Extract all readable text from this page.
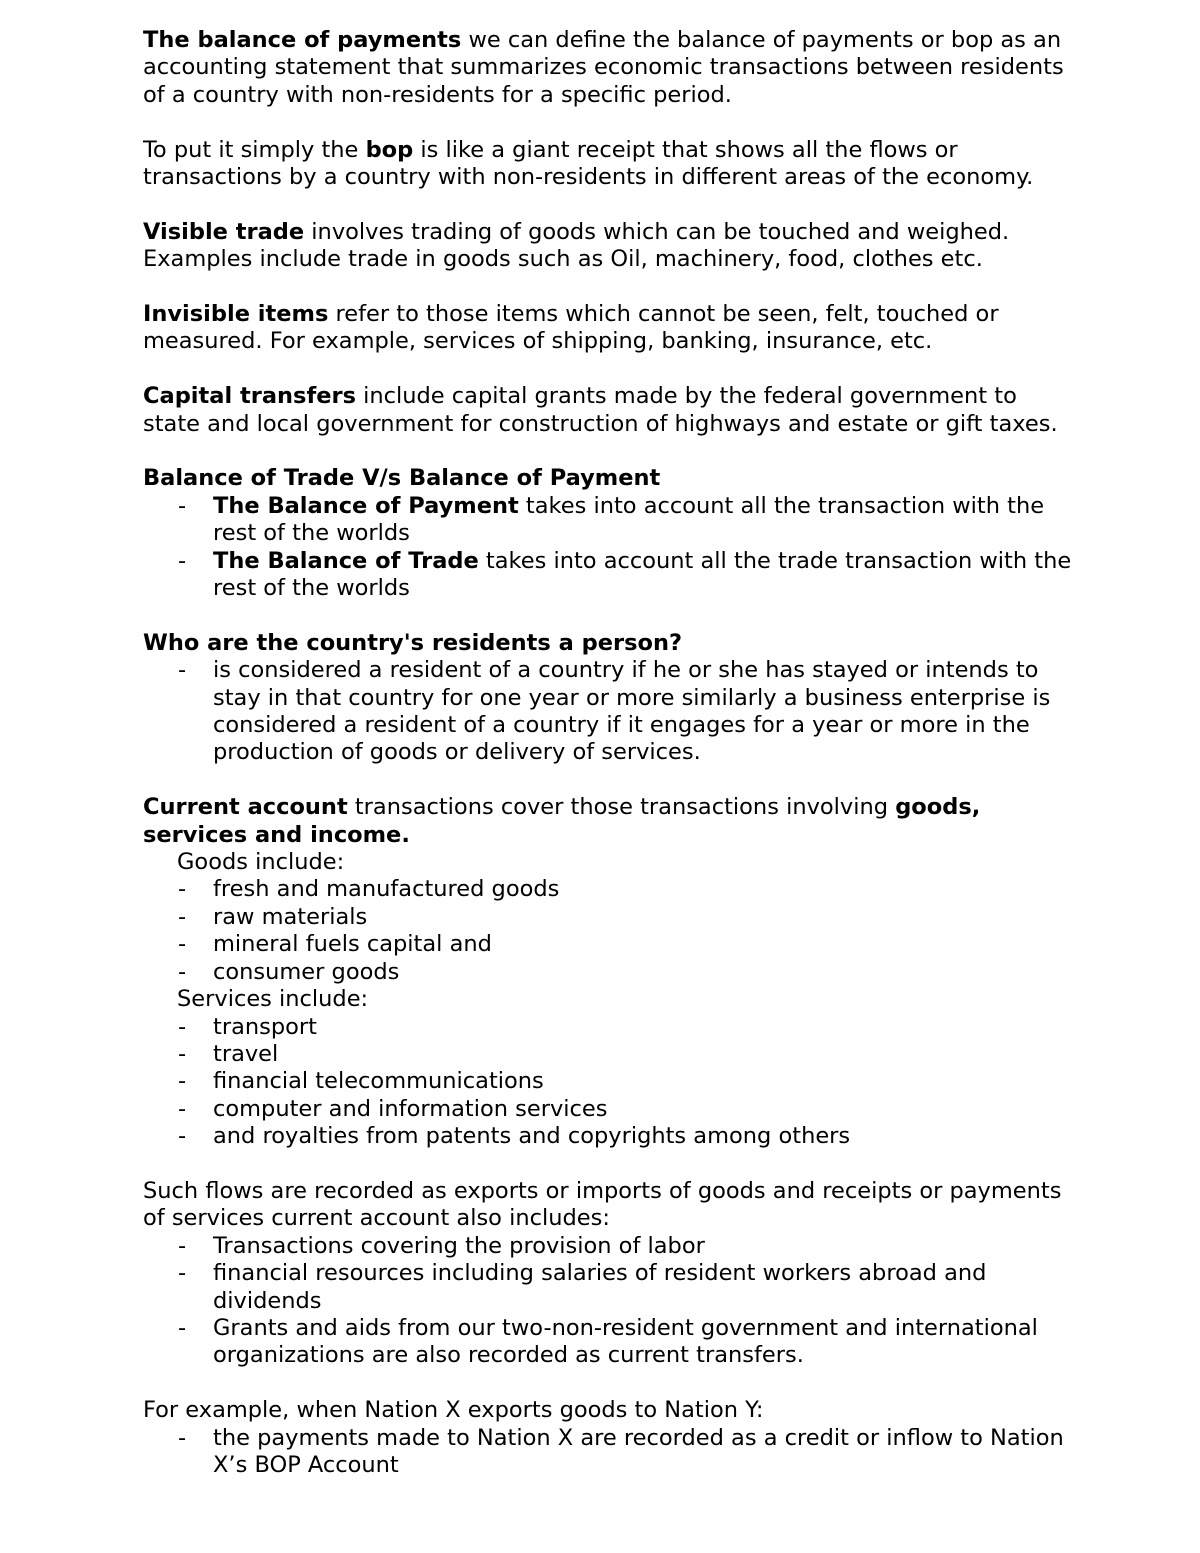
The balance of payments we can define the balance of payments or bop as an accounting statement that summarizes economic transactions between residents of a country with non-residents for a specific period.

To put it simply the bop is like a giant receipt that shows all the flows or transactions by a country with non-residents in different areas of the economy.

Visible trade involves trading of goods which can be touched and weighed. Examples include trade in goods such as Oil, machinery, food, clothes etc.

Invisible items refer to those items which cannot be seen, felt, touched or measured. For example, services of shipping, banking, insurance, etc.

Capital transfers include capital grants made by the federal government to state and local government for construction of highways and estate or gift taxes.

Balance of Trade V/s Balance of Payment
- The Balance of Payment takes into account all the transaction with the rest of the worlds
- The Balance of Trade takes into account all the trade transaction with the rest of the worlds
Who are the country's residents a person?
- is considered a resident of a country if he or she has stayed or intends to stay in that country for one year or more similarly a business enterprise is considered a resident of a country if it engages for a year or more in the production of goods or delivery of services.
Current account transactions cover those transactions involving goods, services and income.
Goods include:
- fresh and manufactured goods
- raw materials
- mineral fuels capital and
- consumer goods
Services include:
- transport
- travel
- financial telecommunications
- computer and information services
- and royalties from patents and copyrights among others
Such flows are recorded as exports or imports of goods and receipts or payments of services current account also includes:
- Transactions covering the provision of labor
- financial resources including salaries of resident workers abroad and dividends
- Grants and aids from our two-non-resident government and international organizations are also recorded as current transfers.
For example, when Nation X exports goods to Nation Y:
- the payments made to Nation X are recorded as a credit or inflow to Nation X’s BOP Account
